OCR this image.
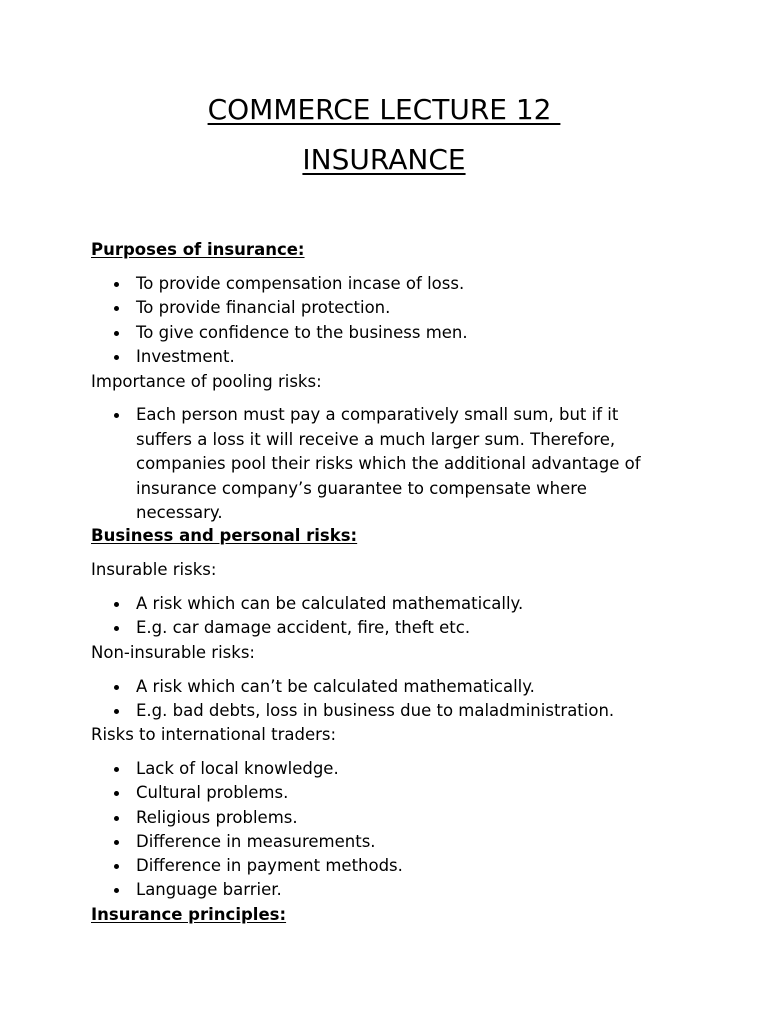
COMMERCE LECTURE 12
INSURANCE

Purposes of insurance:

To provide compensation incase of loss.
To provide financial protection.
To give confidence to the business men.
Investment.

Importance of pooling risks:

Each person must pay a comparatively small sum, but if it
suffers a loss it will receive a much larger sum. Therefore,
companies pool their risks which the additional advantage of
insurance company’s guarantee to compensate where
necessary.

Business and personal risks:

Insurable risks:

A risk which can be calculated mathematically.
E.g. car damage accident, fire, theft etc.

Non-insurable risks:

A risk which can’t be calculated mathematically.
E.g. bad debts, loss in business due to maladministration.

Risks to international traders:

Lack of local knowledge.
Cultural problems.
Religious problems.
Difference in measurements.
Difference in payment methods.
Language barrier.

Insurance principles:
